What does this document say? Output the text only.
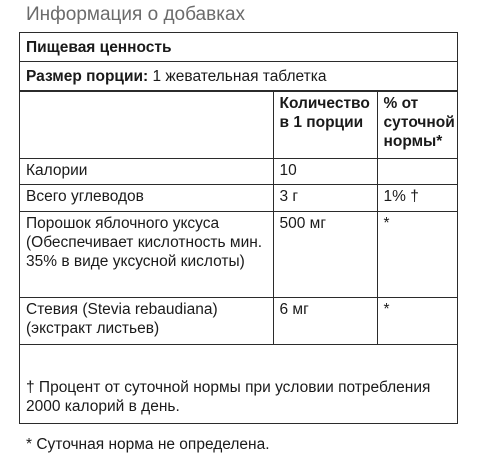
Информация о добавках
Пищевая ценность
Размер порции: 1 жевательная таблетка
	Количество в 1 порции	% от суточной нормы*
Калории	10	
Всего углеводов	3 г	1% †
Порошок яблочного уксуса (Обеспечивает кислотность мин. 35% в виде уксусной кислоты)	500 мг	*
Стевия (Stevia rebaudiana) (экстракт листьев)	6 мг	*

† Процент от суточной нормы при условии потребления 2000 калорий в день.

* Суточная норма не определена.
